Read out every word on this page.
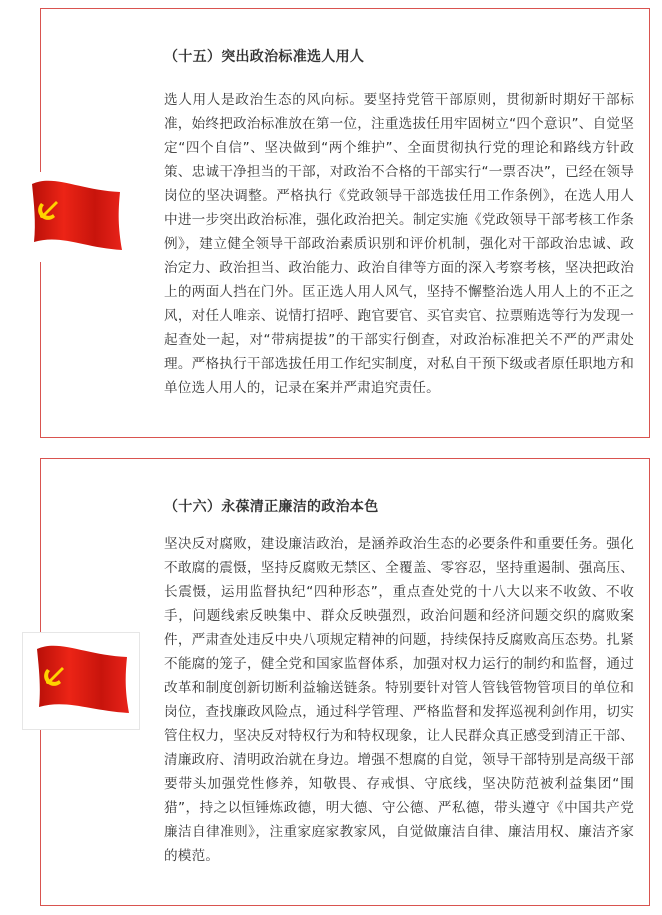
（十五）突出政治标准选人用人

选人用人是政治生态的风向标。要坚持党管干部原则，贯彻新时期好干部标准，始终把政治标准放在第一位，注重选拔任用牢固树立“四个意识”、自觉坚定“四个自信”、坚决做到“两个维护”、全面贯彻执行党的理论和路线方针政策、忠诚干净担当的干部，对政治不合格的干部实行“一票否决”，已经在领导岗位的坚决调整。严格执行《党政领导干部选拔任用工作条例》，在选人用人中进一步突出政治标准，强化政治把关。制定实施《党政领导干部考核工作条例》，建立健全领导干部政治素质识别和评价机制，强化对干部政治忠诚、政治定力、政治担当、政治能力、政治自律等方面的深入考察考核，坚决把政治上的两面人挡在门外。匡正选人用人风气，坚持不懈整治选人用人上的不正之风，对任人唯亲、说情打招呼、跑官要官、买官卖官、拉票贿选等行为发现一起查处一起，对“带病提拔”的干部实行倒查，对政治标准把关不严的严肃处理。严格执行干部选拔任用工作纪实制度，对私自干预下级或者原任职地方和单位选人用人的，记录在案并严肃追究责任。

（十六）永葆清正廉洁的政治本色

坚决反对腐败，建设廉洁政治，是涵养政治生态的必要条件和重要任务。强化不敢腐的震慑，坚持反腐败无禁区、全覆盖、零容忍，坚持重遏制、强高压、长震慑，运用监督执纪“四种形态”，重点查处党的十八大以来不收敛、不收手，问题线索反映集中、群众反映强烈，政治问题和经济问题交织的腐败案件，严肃查处违反中央八项规定精神的问题，持续保持反腐败高压态势。扎紧不能腐的笼子，健全党和国家监督体系，加强对权力运行的制约和监督，通过改革和制度创新切断利益输送链条。特别要针对管人管钱管物管项目的单位和岗位，查找廉政风险点，通过科学管理、严格监督和发挥巡视利剑作用，切实管住权力，坚决反对特权行为和特权现象，让人民群众真正感受到清正干部、清廉政府、清明政治就在身边。增强不想腐的自觉，领导干部特别是高级干部要带头加强党性修养，知敬畏、存戒惧、守底线，坚决防范被利益集团“围猎”，持之以恒锤炼政德，明大德、守公德、严私德，带头遵守《中国共产党廉洁自律准则》，注重家庭家教家风，自觉做廉洁自律、廉洁用权、廉洁齐家的模范。
